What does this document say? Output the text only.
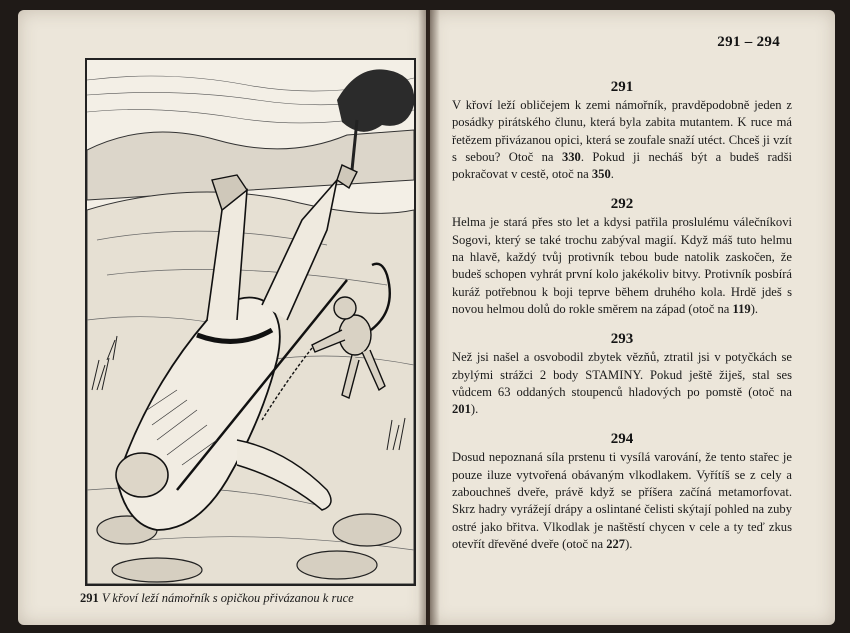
291 V křoví leží námořník s opičkou přivázanou k ruce
291 – 294
291

V křoví leží obličejem k zemi námořník, pravděpodobně jeden z posádky pirátského člunu, která byla zabita mutantem. K ruce má řetězem přivázanou opici, která se zoufale snaží utéct. Chceš ji vzít s sebou? Otoč na 330. Pokud ji necháš být a budeš radši pokračovat v cestě, otoč na 350.

292

Helma je stará přes sto let a kdysi patřila proslulému válečníkovi Sogovi, který se také trochu zabýval magií. Když máš tuto helmu na hlavě, každý tvůj protivník tebou bude natolik zaskočen, že budeš schopen vyhrát první kolo jakékoliv bitvy. Protivník posbírá kuráž potřebnou k boji teprve během druhého kola. Hrdě jdeš s novou helmou dolů do rokle směrem na západ (otoč na 119).

293

Než jsi našel a osvobodil zbytek vězňů, ztratil jsi v potyčkách se zbylými strážci 2 body STAMINY. Pokud ještě žiješ, stal ses vůdcem 63 oddaných stoupenců hladových po pomstě (otoč na 201).

294

Dosud nepoznaná síla prstenu ti vysílá varování, že tento stařec je pouze iluze vytvořená obávaným vlkodlakem. Vyřítíš se z cely a zabouchneš dveře, právě když se příšera začíná metamorfovat. Skrz hadry vyrážejí drápy a oslintané čelisti skýtají pohled na zuby ostré jako břitva. Vlkodlak je naštěstí chycen v cele a ty teď zkus otevřít dřevěné dveře (otoč na 227).
